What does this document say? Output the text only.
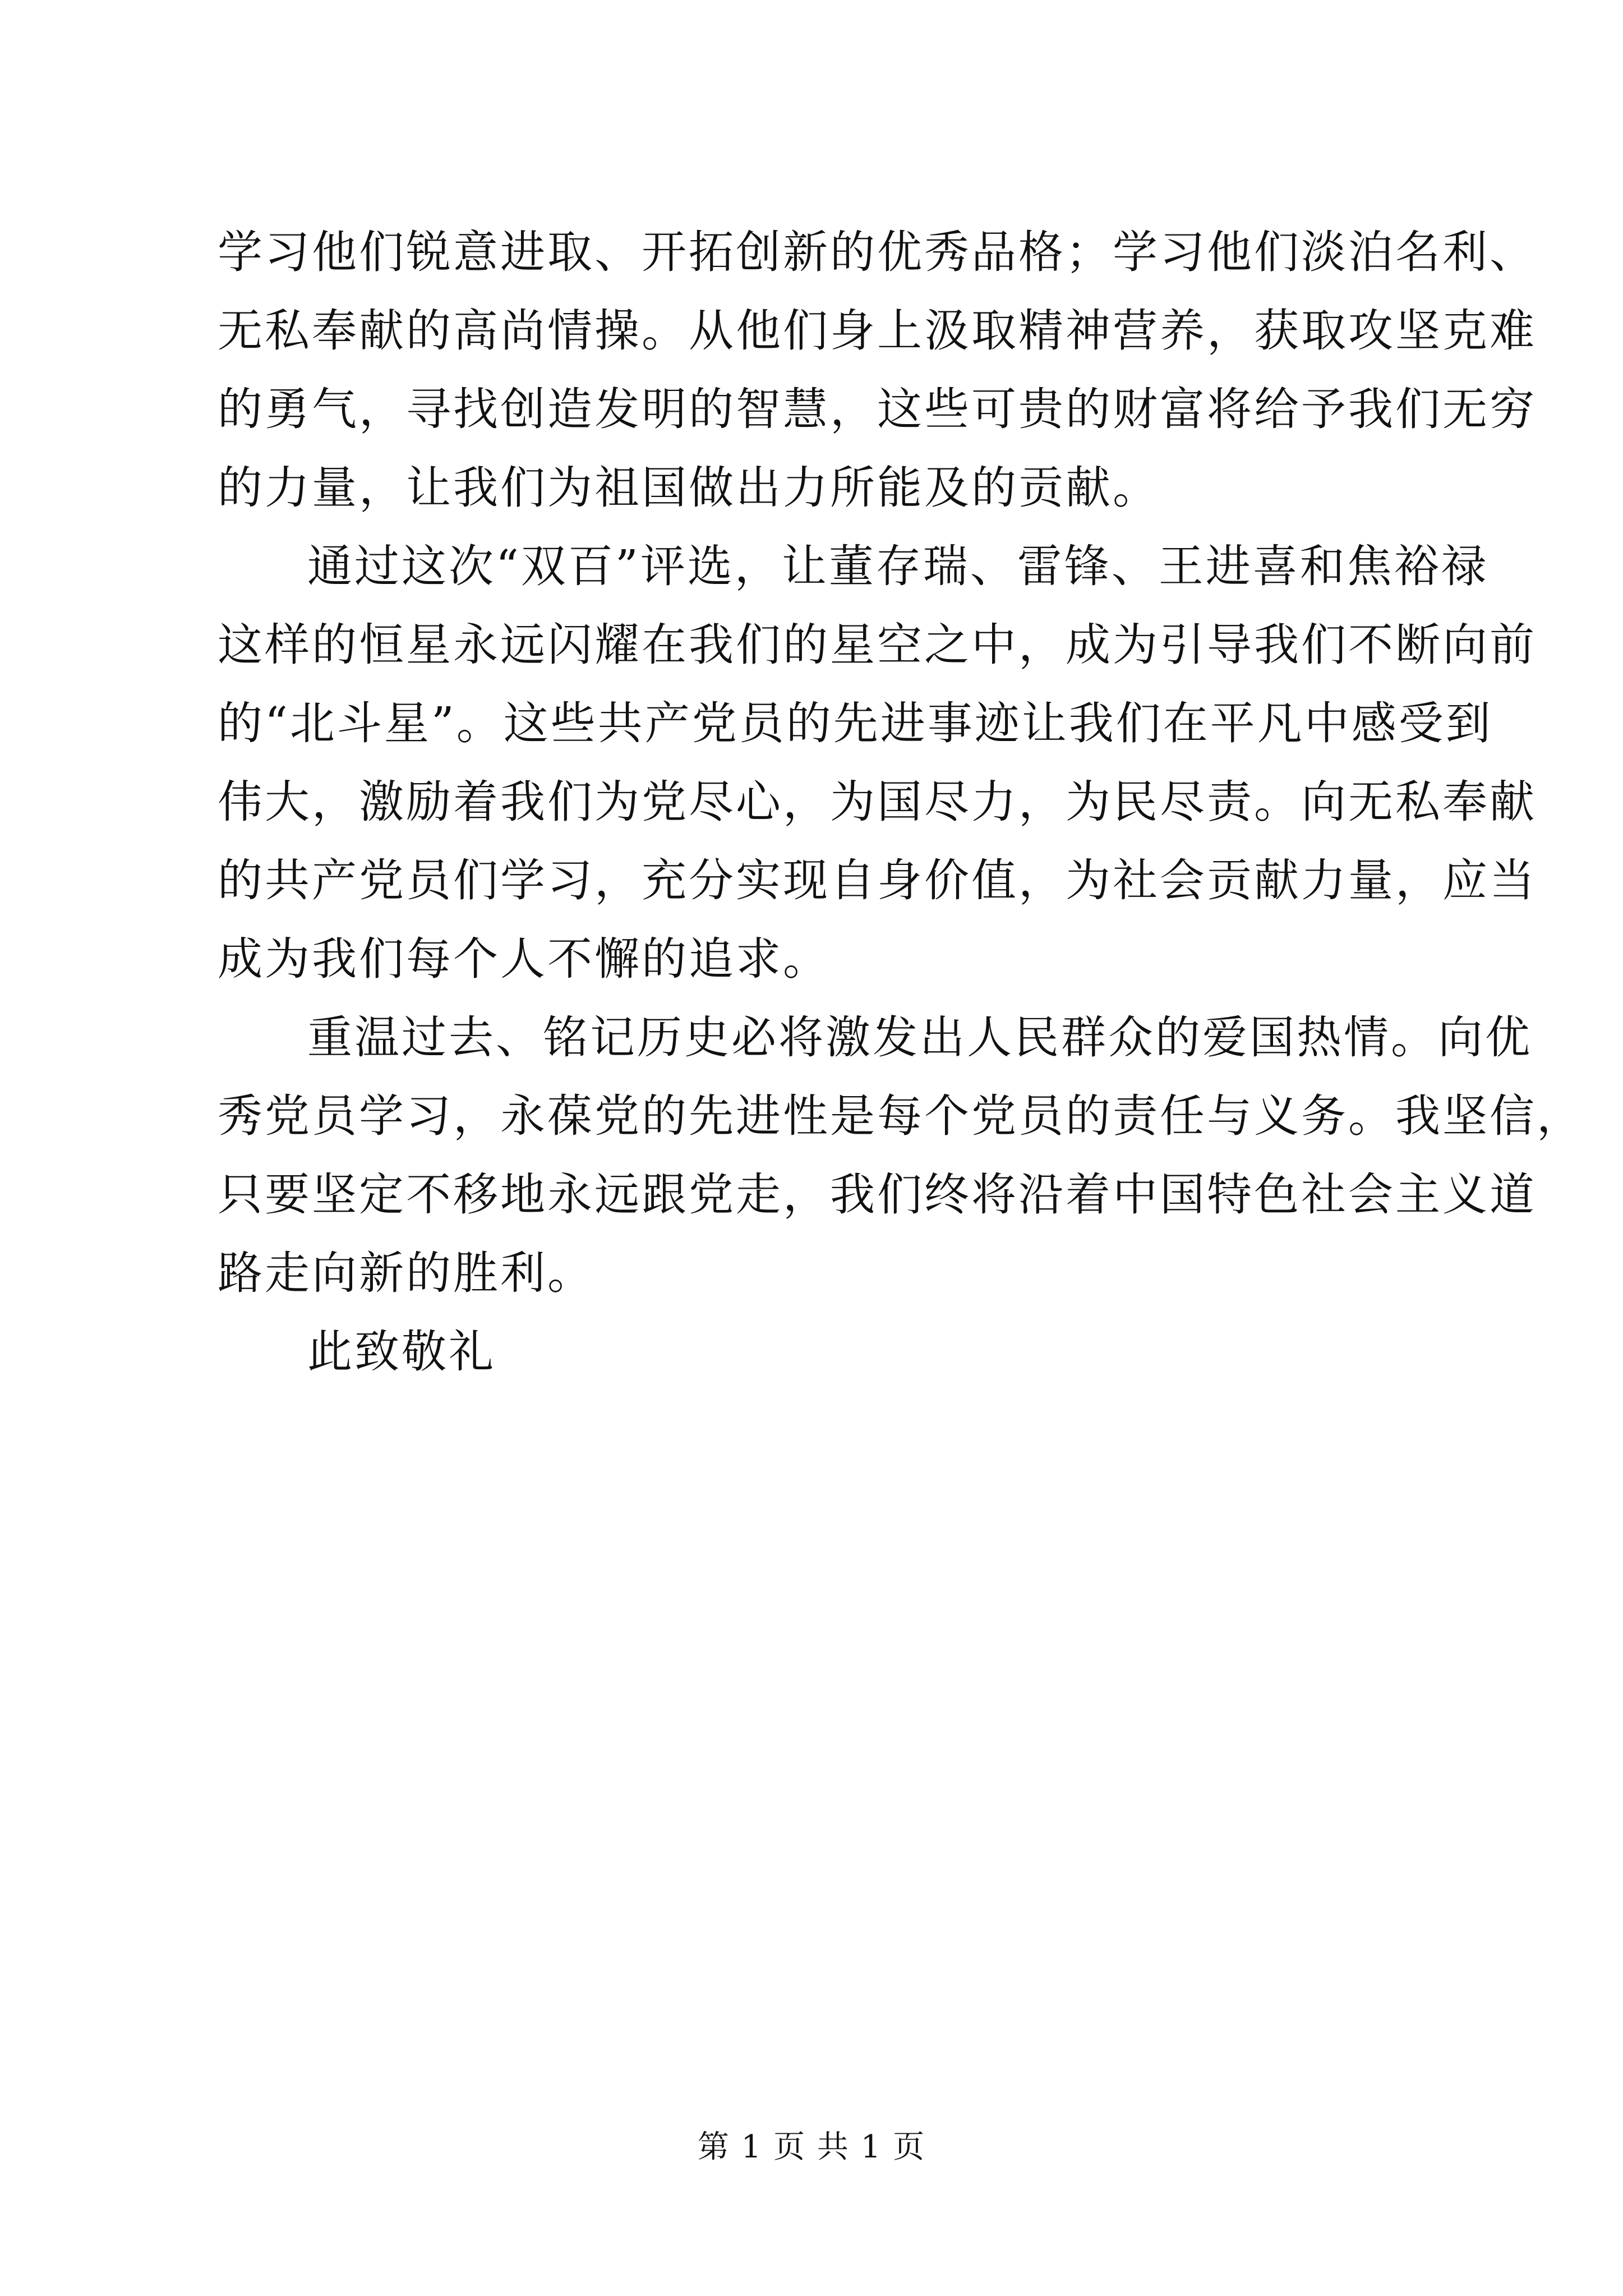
学习他们锐意进取、开拓创新的优秀品格；学习他们淡泊名利、
无私奉献的高尚情操。从他们身上汲取精神营养，获取攻坚克难
的勇气，寻找创造发明的智慧，这些可贵的财富将给予我们无穷
的力量，让我们为祖国做出力所能及的贡献。
通过这次“双百”评选，让董存瑞、雷锋、王进喜和焦裕禄
这样的恒星永远闪耀在我们的星空之中，成为引导我们不断向前
的“北斗星”。这些共产党员的先进事迹让我们在平凡中感受到
伟大，激励着我们为党尽心，为国尽力，为民尽责。向无私奉献
的共产党员们学习，充分实现自身价值，为社会贡献力量，应当
成为我们每个人不懈的追求。
重温过去、铭记历史必将激发出人民群众的爱国热情。向优
秀党员学习，永葆党的先进性是每个党员的责任与义务。我坚信，
只要坚定不移地永远跟党走，我们终将沿着中国特色社会主义道
路走向新的胜利。
此致敬礼
第 1 页 共 1 页
